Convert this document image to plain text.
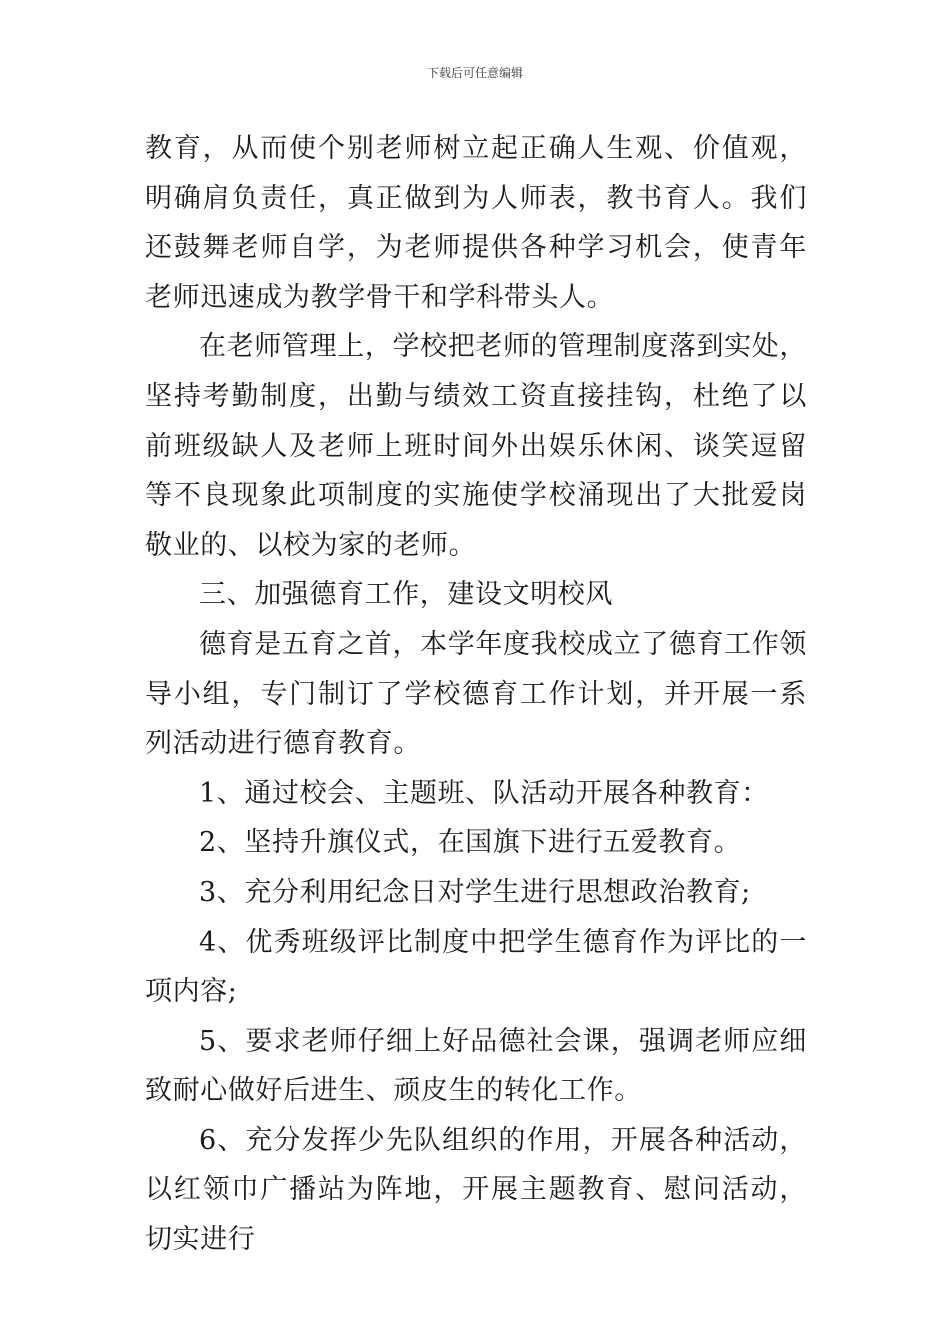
下载后可任意编辑

教育，从而使个别老师树立起正确人生观、价值观，明确肩负责任，真正做到为人师表，教书育人。我们还鼓舞老师自学，为老师提供各种学习机会，使青年老师迅速成为教学骨干和学科带头人。

在老师管理上，学校把老师的管理制度落到实处，坚持考勤制度，出勤与绩效工资直接挂钩，杜绝了以前班级缺人及老师上班时间外出娱乐休闲、谈笑逗留等不良现象此项制度的实施使学校涌现出了大批爱岗敬业的、以校为家的老师。

三、加强德育工作，建设文明校风

德育是五育之首，本学年度我校成立了德育工作领导小组，专门制订了学校德育工作计划，并开展一系列活动进行德育教育。

1、通过校会、主题班、队活动开展各种教育：

2、坚持升旗仪式，在国旗下进行五爱教育。

3、充分利用纪念日对学生进行思想政治教育;

4、优秀班级评比制度中把学生德育作为评比的一项内容;

5、要求老师仔细上好品德社会课，强调老师应细致耐心做好后进生、顽皮生的转化工作。

6、充分发挥少先队组织的作用，开展各种活动，以红领巾广播站为阵地，开展主题教育、慰问活动，切实进行
